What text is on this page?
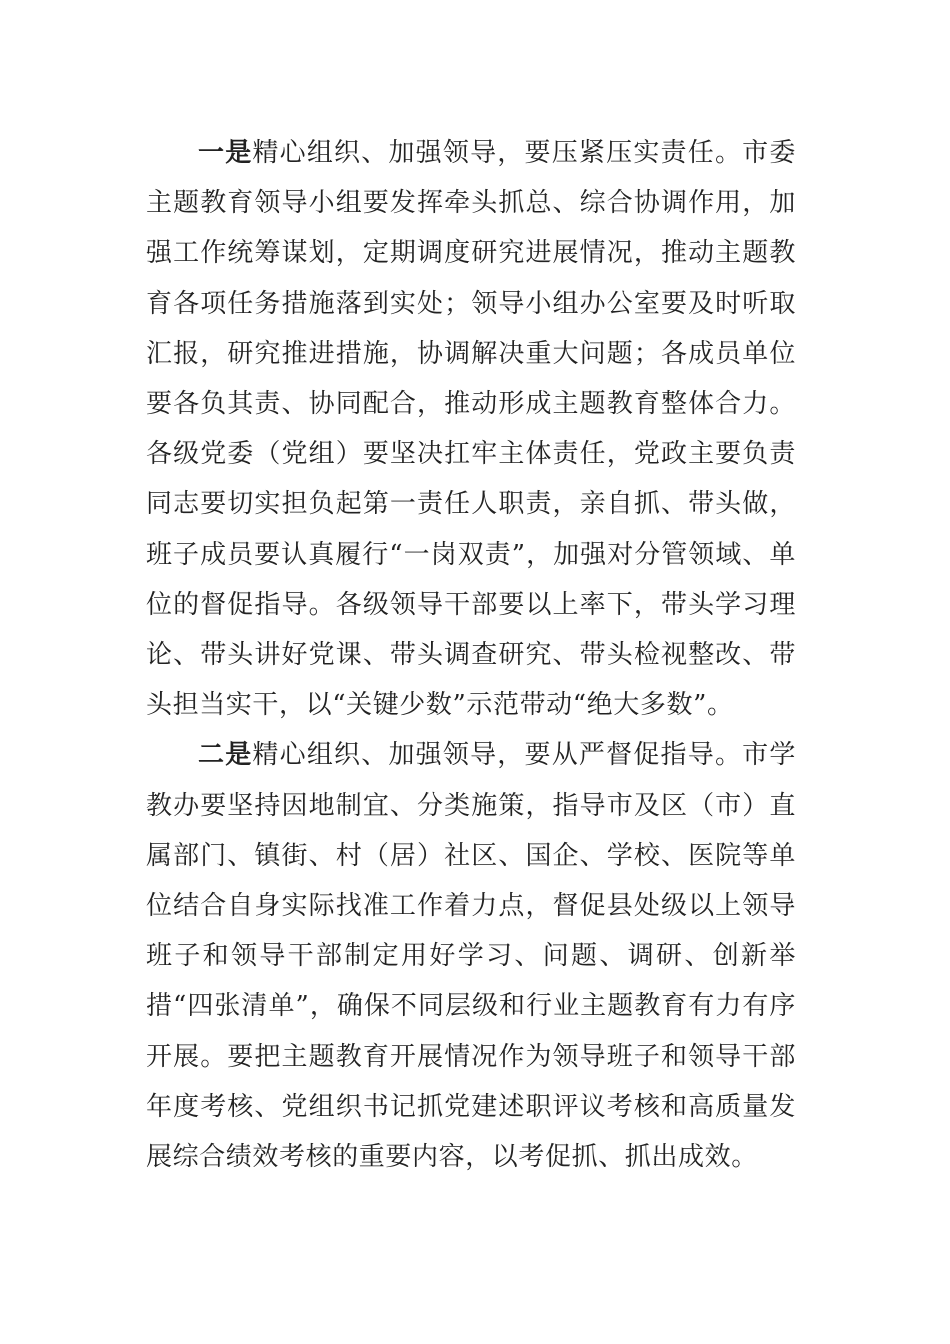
一是精心组织、加强领导，要压紧压实责任。市委主题教育领导小组要发挥牵头抓总、综合协调作用，加强工作统筹谋划，定期调度研究进展情况，推动主题教育各项任务措施落到实处；领导小组办公室要及时听取汇报，研究推进措施，协调解决重大问题；各成员单位要各负其责、协同配合，推动形成主题教育整体合力。各级党委（党组）要坚决扛牢主体责任，党政主要负责同志要切实担负起第一责任人职责，亲自抓、带头做，班子成员要认真履行“一岗双责”，加强对分管领域、单位的督促指导。各级领导干部要以上率下，带头学习理论、带头讲好党课、带头调查研究、带头检视整改、带头担当实干，以“关键少数”示范带动“绝大多数”。

二是精心组织、加强领导，要从严督促指导。市学教办要坚持因地制宜、分类施策，指导市及区（市）直属部门、镇街、村（居）社区、国企、学校、医院等单位结合自身实际找准工作着力点，督促县处级以上领导班子和领导干部制定用好学习、问题、调研、创新举措“四张清单”，确保不同层级和行业主题教育有力有序开展。要把主题教育开展情况作为领导班子和领导干部年度考核、党组织书记抓党建述职评议考核和高质量发展综合绩效考核的重要内容，以考促抓、抓出成效。
